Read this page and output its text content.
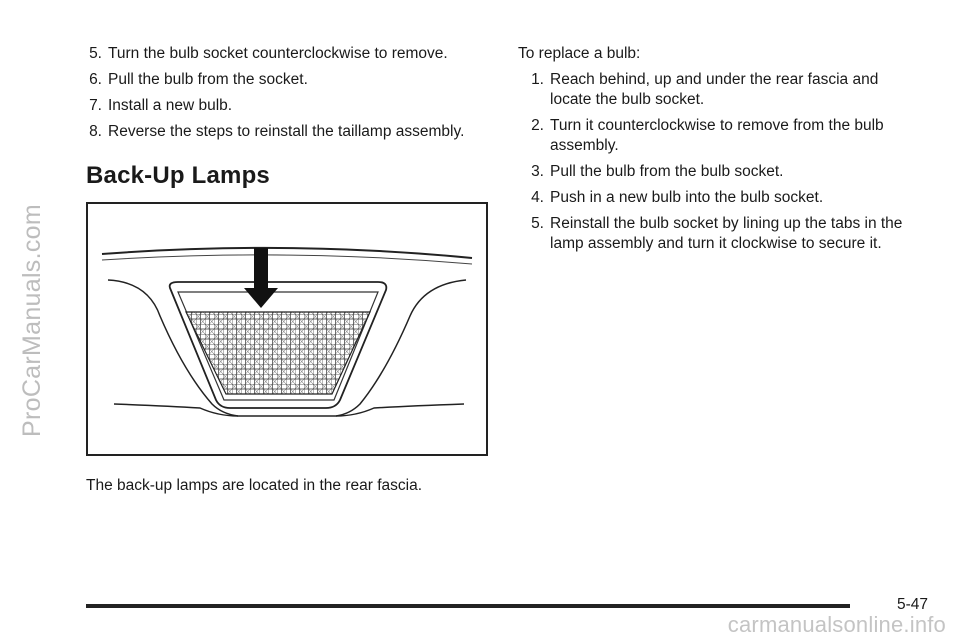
ProCarManuals.com
5. Turn the bulb socket counterclockwise to remove.
6. Pull the bulb from the socket.
7. Install a new bulb.
8. Reverse the steps to reinstall the taillamp assembly.
Back-Up Lamps

The back-up lamps are located in the rear fascia.

To replace a bulb:
1. Reach behind, up and under the rear fascia and locate the bulb socket.
2. Turn it counterclockwise to remove from the bulb assembly.
3. Pull the bulb from the bulb socket.
4. Push in a new bulb into the bulb socket.
5. Reinstall the bulb socket by lining up the tabs in the lamp assembly and turn it clockwise to secure it.
5-47
carmanualsonline.info
